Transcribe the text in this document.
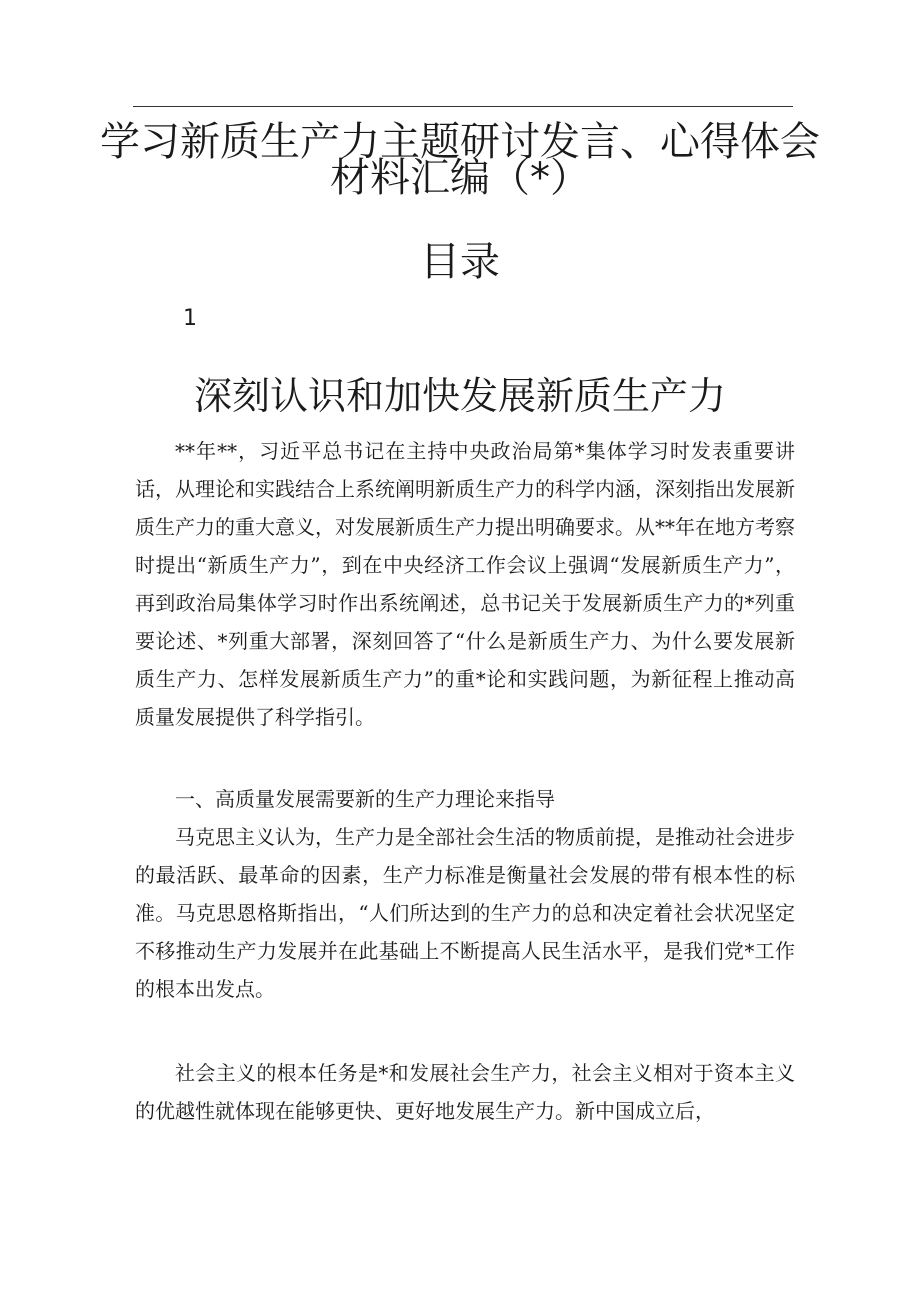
学习新质生产力主题研讨发言、心得体会
材料汇编（*）
目录
1
深刻认识和加快发展新质生产力

**年**，习近平总书记在主持中央政治局第*集体学习时发表重要讲话，从理论和实践结合上系统阐明新质生产力的科学内涵，深刻指出发展新质生产力的重大意义，对发展新质生产力提出明确要求。从**年在地方考察时提出“新质生产力”，到在中央经济工作会议上强调“发展新质生产力”，再到政治局集体学习时作出系统阐述，总书记关于发展新质生产力的*列重要论述、*列重大部署，深刻回答了“什么是新质生产力、为什么要发展新质生产力、怎样发展新质生产力”的重*论和实践问题，为新征程上推动高质量发展提供了科学指引。

一、高质量发展需要新的生产力理论来指导

马克思主义认为，生产力是全部社会生活的物质前提，是推动社会进步的最活跃、最革命的因素，生产力标准是衡量社会发展的带有根本性的标准。马克思恩格斯指出，“人们所达到的生产力的总和决定着社会状况坚定不移推动生产力发展并在此基础上不断提高人民生活水平，是我们党*工作的根本出发点。

社会主义的根本任务是*和发展社会生产力，社会主义相对于资本主义的优越性就体现在能够更快、更好地发展生产力。新中国成立后，
